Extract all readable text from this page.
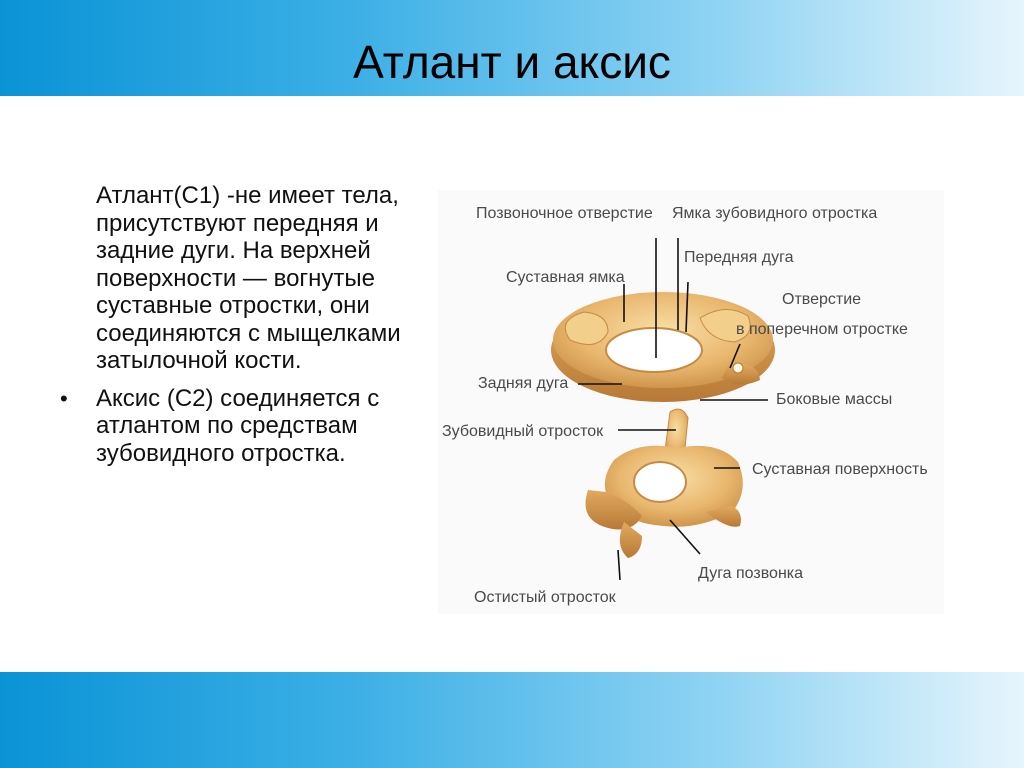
Атлант и аксис

Атлант(С1) -не имеет тела, присутствуют передняя и задние дуги. На верхней поверхности — вогнутые суставные отростки, они соединяются с мыщелками затылочной кости.

• Аксис (С2) соединяется с атлантом по средствам зубовидного отростка.

Позвоночное отверстие Ямка зубовидного отростка
Передняя дуга
Суставная ямка
Отверстие
в поперечном отростке
Задняя дуга
Боковые массы
Зубовидный отросток
Суставная поверхность
Дуга позвонка
Остистый отросток
